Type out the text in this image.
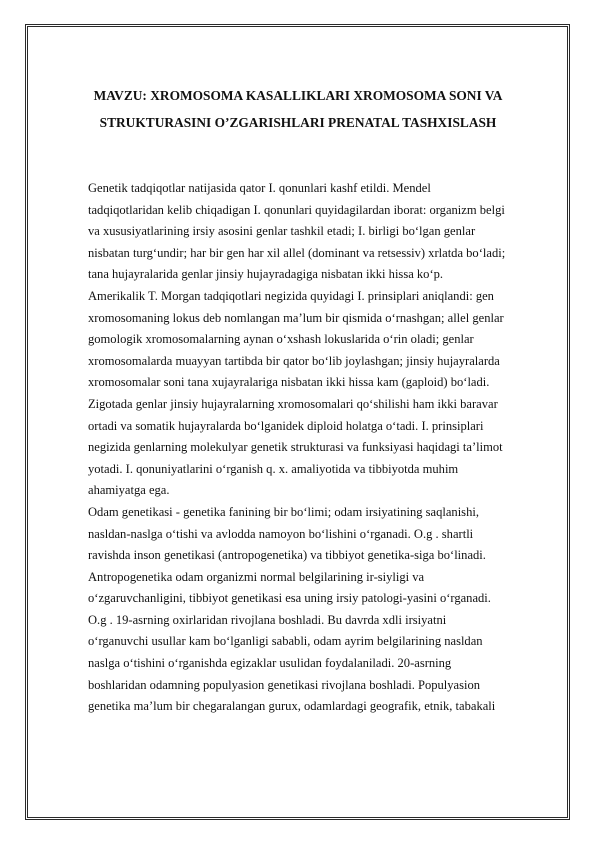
MAVZU: XROMOSOMA KASALLIKLARI XROMOSOMA SONI VA
STRUKTURASINI O’ZGARISHLARI PRENATAL TASHXISLASH
Genetik tadqiqotlar natijasida qator I. qonunlari kashf etildi. Mendel
tadqiqotlaridan kelib chiqadigan I. qonunlari quyidagilardan iborat: organizm belgi
va xususiyatlarining irsiy asosini genlar tashkil etadi; I. birligi boʻlgan genlar
nisbatan turgʻundir; har bir gen har xil allel (dominant va retsessiv) xrlatda boʻladi;
tana hujayralarida genlar jinsiy hujayradagiga nisbatan ikki hissa koʻp.
Amerikalik T. Morgan tadqiqotlari negizida quyidagi I. prinsiplari aniqlandi: gen
xromosomaning lokus deb nomlangan maʼlum bir qismida oʻrnashgan; allel genlar
gomologik xromosomalarning aynan oʻxshash lokuslarida oʻrin oladi; genlar
xromosomalarda muayyan tartibda bir qator boʻlib joylashgan; jinsiy hujayralarda
xromosomalar soni tana xujayralariga nisbatan ikki hissa kam (gaploid) boʻladi.
Zigotada genlar jinsiy hujayralarning xromosomalari qoʻshilishi ham ikki baravar
ortadi va somatik hujayralarda boʻlganidek diploid holatga oʻtadi. I. prinsiplari
negizida genlarning molekulyar genetik strukturasi va funksiyasi haqidagi taʼlimot
yotadi. I. qonuniyatlarini oʻrganish q. x. amaliyotida va tibbiyotda muhim
ahamiyatga ega.
Odam genetikasi - genetika fanining bir boʻlimi; odam irsiyatining saqlanishi,
nasldan-naslga oʻtishi va avlodda namoyon boʻlishini oʻrganadi. O.g . shartli
ravishda inson genetikasi (antropogenetika) va tibbiyot genetika-siga boʻlinadi.
Antropogenetika odam organizmi normal belgilarining ir-siyligi va
oʻzgaruvchanligini, tibbiyot genetikasi esa uning irsiy patologi-yasini oʻrganadi.
O.g . 19-asrning oxirlaridan rivojlana boshladi. Bu davrda xdli irsiyatni
oʻrganuvchi usullar kam boʻlganligi sababli, odam ayrim belgilarining nasldan
naslga oʻtishini oʻrganishda egizaklar usulidan foydalaniladi. 20-asrning
boshlaridan odamning populyasion genetikasi rivojlana boshladi. Populyasion
genetika maʼlum bir chegaralangan gurux, odamlardagi geografik, etnik, tabakali
